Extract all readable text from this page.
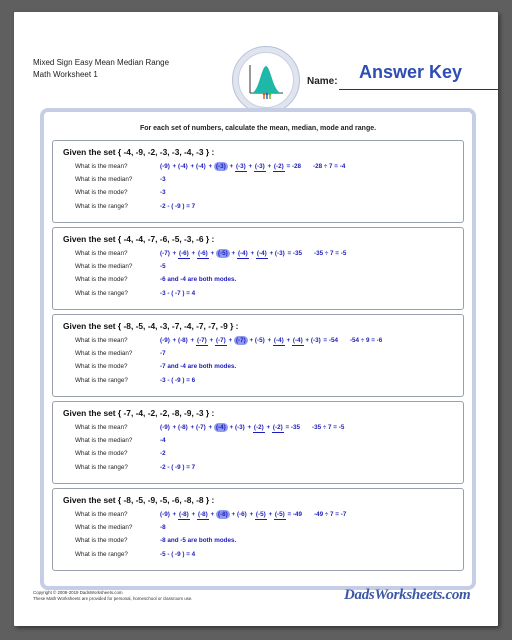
Mixed Sign Easy Mean Median Range
Math Worksheet 1
Name: Answer Key
For each set of numbers, calculate the mean, median, mode and range.
Given the set { -4, -9, -2, -3, -3, -4, -3 } :
What is the mean?	(-9) + (-4) + (-4) + (-3) + (-3) + (-3) + (-2) = -28 -28 ÷ 7 = -4
What is the median?	-3
What is the mode?	-3
What is the range?	-2 - ( -9 ) = 7
Given the set { -4, -4, -7, -6, -5, -3, -6 } :
What is the mean?	(-7) + (-6) + (-6) + (-5) + (-4) + (-4) + (-3) = -35 -35 ÷ 7 = -5
What is the median?	-5
What is the mode?	-6 and -4 are both modes.
What is the range?	-3 - ( -7 ) = 4
Given the set { -8, -5, -4, -3, -7, -4, -7, -7, -9 } :
What is the mean?	(-9) + (-8) + (-7) + (-7) + (-7) + (-5) + (-4) + (-4) + (-3) = -54 -54 ÷ 9 = -6
What is the median?	-7
What is the mode?	-7 and -4 are both modes.
What is the range?	-3 - ( -9 ) = 6
Given the set { -7, -4, -2, -2, -8, -9, -3 } :
What is the mean?	(-9) + (-8) + (-7) + (-4) + (-3) + (-2) + (-2) = -35 -35 ÷ 7 = -5
What is the median?	-4
What is the mode?	-2
What is the range?	-2 - ( -9 ) = 7
Given the set { -8, -5, -9, -5, -6, -8, -8 } :
What is the mean?	(-9) + (-8) + (-8) + (-8) + (-6) + (-5) + (-5) = -49 -49 ÷ 7 = -7
What is the median?	-8
What is the mode?	-8 and -5 are both modes.
What is the range?	-5 - ( -9 ) = 4
Copyright © 2008-2019 DadsWorksheets.com
These Math Worksheets are provided for personal, homeschool or classroom use.	DadsWorksheets.com
